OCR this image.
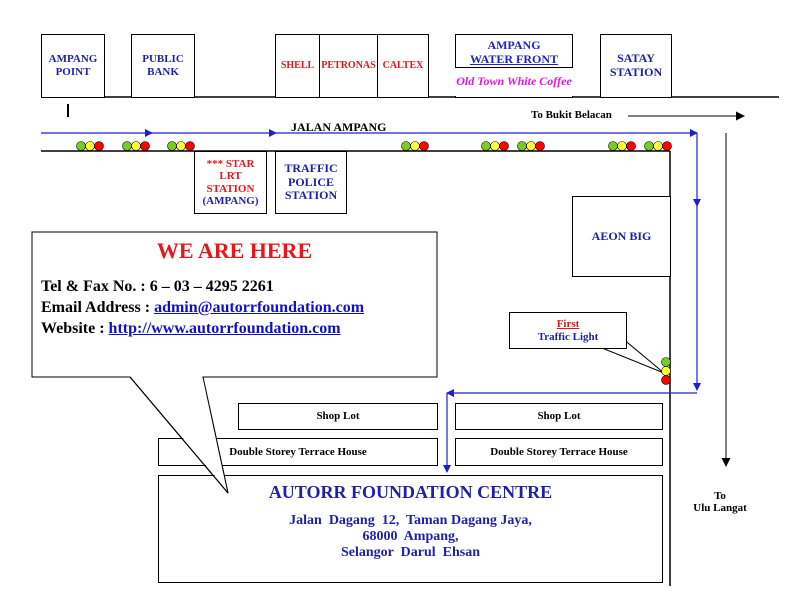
AMPANG
POINT
PUBLIC
BANK
SHELL PETRONAS CALTEX
AMPANG
WATER FRONT
Old Town White Coffee
SATAY
STATION
JALAN AMPANG
To Bukit Belacan
To
Ulu Langat
*** STAR
LRT
STATION
(AMPANG)
TRAFFIC
POLICE
STATION
AEON BIG
First
Traffic Light
WE ARE HERE
Tel & Fax No. : 6 – 03 – 4295 2261
Email Address : admin@autorrfoundation.com
Website : http://www.autorrfoundation.com
Shop Lot	Shop Lot
Double Storey Terrace House	Double Storey Terrace House
AUTORR FOUNDATION CENTRE
Jalan  Dagang  12,  Taman Dagang Jaya,
68000  Ampang,
Selangor  Darul  Ehsan
